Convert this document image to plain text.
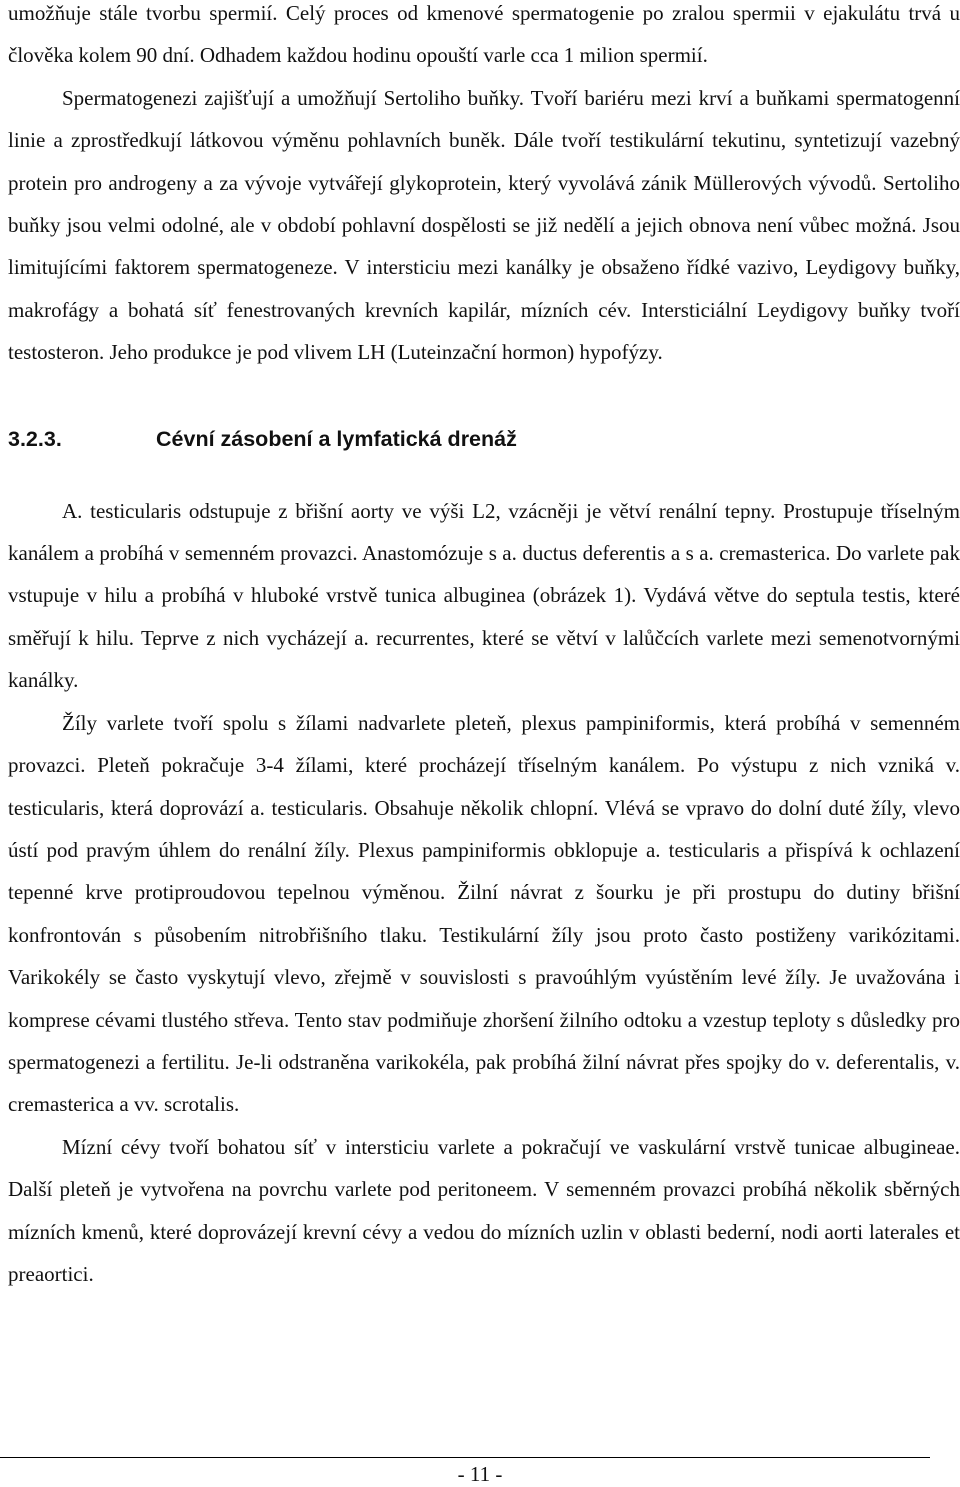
umožňuje stále tvorbu spermií. Celý proces od kmenové spermatogenie po zralou spermii v ejakulátu trvá u člověka kolem 90 dní. Odhadem každou hodinu opouští varle cca 1 milion spermií.

Spermatogenezi zajišťují a umožňují Sertoliho buňky. Tvoří bariéru mezi krví a buňkami spermatogenní linie a zprostředkují látkovou výměnu pohlavních buněk. Dále tvoří testikulární tekutinu, syntetizují vazebný protein pro androgeny a za vývoje vytvářejí glykoprotein, který vyvolává zánik Müllerových vývodů. Sertoliho buňky jsou velmi odolné, ale v období pohlavní dospělosti se již nedělí a jejich obnova není vůbec možná. Jsou limitujícími faktorem spermatogeneze. V intersticiu mezi kanálky je obsaženo řídké vazivo, Leydigovy buňky, makrofágy a bohatá síť fenestrovaných krevních kapilár, mízních cév. Intersticiální Leydigovy buňky tvoří testosteron. Jeho produkce je pod vlivem LH (Luteinzační hormon) hypofýzy.

3.2.3.	Cévní zásobení a lymfatická drenáž

A. testicularis odstupuje z břišní aorty ve výši L2, vzácněji je větví renální tepny. Prostupuje tříselným kanálem a probíhá v semenném provazci. Anastomózuje s a. ductus deferentis a s a. cremasterica. Do varlete pak vstupuje v hilu a probíhá v hluboké vrstvě tunica albuginea (obrázek 1). Vydává větve do septula testis, které směřují k hilu. Teprve z nich vycházejí a. recurrentes, které se větví v lalůčcích varlete mezi semenotvornými kanálky.

Žíly varlete tvoří spolu s žílami nadvarlete pleteň, plexus pampiniformis, která probíhá v semenném provazci. Pleteň pokračuje 3-4 žílami, které procházejí tříselným kanálem. Po výstupu z nich vzniká v. testicularis, která doprovází a. testicularis. Obsahuje několik chlopní. Vlévá se vpravo do dolní duté žíly, vlevo ústí pod pravým úhlem do renální žíly. Plexus pampiniformis obklopuje a. testicularis a přispívá k ochlazení tepenné krve protiproudovou tepelnou výměnou. Žilní návrat z šourku je při prostupu do dutiny břišní konfrontován s působením nitrobřišního tlaku. Testikulární žíly jsou proto často postiženy varikózitami. Varikokély se často vyskytují vlevo, zřejmě v souvislosti s pravoúhlým vyústěním levé žíly. Je uvažována i komprese cévami tlustého střeva. Tento stav podmiňuje zhoršení žilního odtoku a vzestup teploty s důsledky pro spermatogenezi a fertilitu. Je-li odstraněna varikokéla, pak probíhá žilní návrat přes spojky do v. deferentalis, v. cremasterica a vv. scrotalis.

Mízní cévy tvoří bohatou síť v intersticiu varlete a pokračují ve vaskulární vrstvě tunicae albugineae. Další pleteň je vytvořena na povrchu varlete pod peritoneem. V semenném provazci probíhá několik sběrných mízních kmenů, které doprovázejí krevní cévy a vedou do mízních uzlin v oblasti bederní, nodi aorti laterales et preaortici.

- 11 -
